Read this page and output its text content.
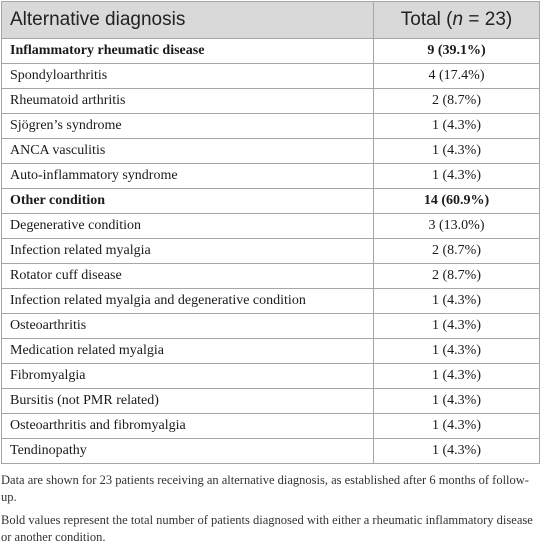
Alternative diagnosis	Total (n = 23)
Inflammatory rheumatic disease	9 (39.1%)
Spondyloarthritis	4 (17.4%)
Rheumatoid arthritis	2 (8.7%)
Sjögren’s syndrome	1 (4.3%)
ANCA vasculitis	1 (4.3%)
Auto-inflammatory syndrome	1 (4.3%)
Other condition	14 (60.9%)
Degenerative condition	3 (13.0%)
Infection related myalgia	2 (8.7%)
Rotator cuff disease	2 (8.7%)
Infection related myalgia and degenerative condition	1 (4.3%)
Osteoarthritis	1 (4.3%)
Medication related myalgia	1 (4.3%)
Fibromyalgia	1 (4.3%)
Bursitis (not PMR related)	1 (4.3%)
Osteoarthritis and fibromyalgia	1 (4.3%)
Tendinopathy	1 (4.3%)

Data are shown for 23 patients receiving an alternative diagnosis, as established after 6 months of follow-up.

Bold values represent the total number of patients diagnosed with either a rheumatic inflammatory disease or another condition.
